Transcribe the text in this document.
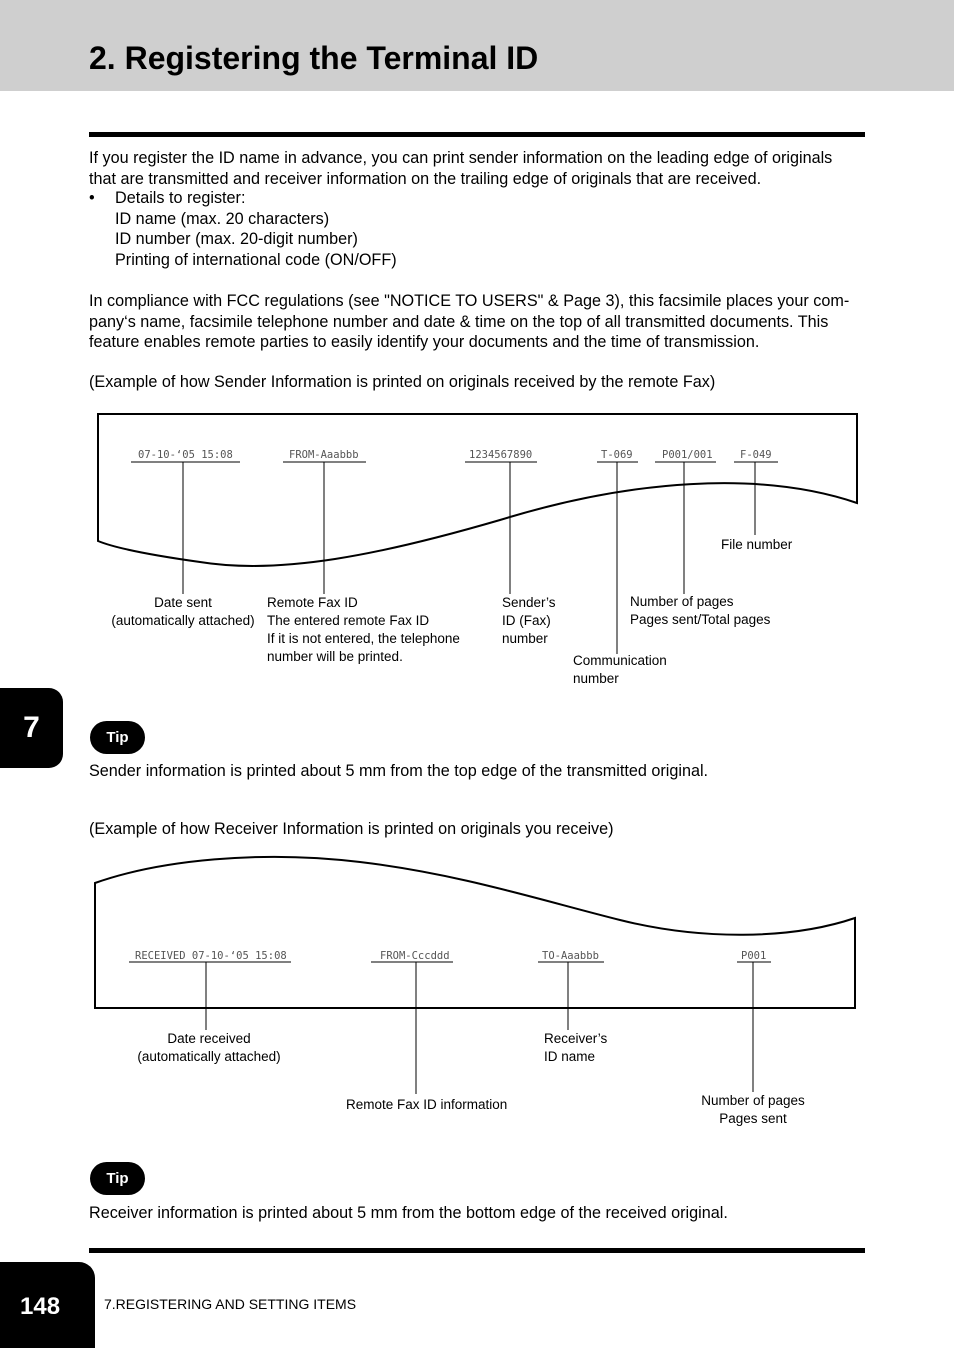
2. Registering the Terminal ID

If you register the ID name in advance, you can print sender information on the leading edge of originals
that are transmitted and receiver information on the trailing edge of originals that are received.

• Details to register:
ID name (max. 20 characters)
ID number (max. 20-digit number)
Printing of international code (ON/OFF)

In compliance with FCC regulations (see "NOTICE TO USERS" & Page 3), this facsimile places your com-
pany‘s name, facsimile telephone number and date & time on the top of all transmitted documents. This
feature enables remote parties to easily identify your documents and the time of transmission.

(Example of how Sender Information is printed on originals received by the remote Fax)

07-10-‘05 15:08	FROM-Aaabbb	1234567890	T-069	P001/001	F-049
RECEIVED 07-10-‘05 15:08	FROM-Cccddd	TO-Aaabbb	P001
Date sent
(automatically attached)
Remote Fax ID
The entered remote Fax ID
If it is not entered, the telephone
number will be printed.
Sender’s
ID (Fax)
number
Communication
number
Number of pages
Pages sent/Total pages
File number
7	Tip

Sender information is printed about 5 mm from the top edge of the transmitted original.

(Example of how Receiver Information is printed on originals you receive)

Date received
(automatically attached)
Remote Fax ID information
Receiver’s
ID name
Number of pages
Pages sent
Tip

Receiver information is printed about 5 mm from the bottom edge of the received original.

148	7.REGISTERING AND SETTING ITEMS
